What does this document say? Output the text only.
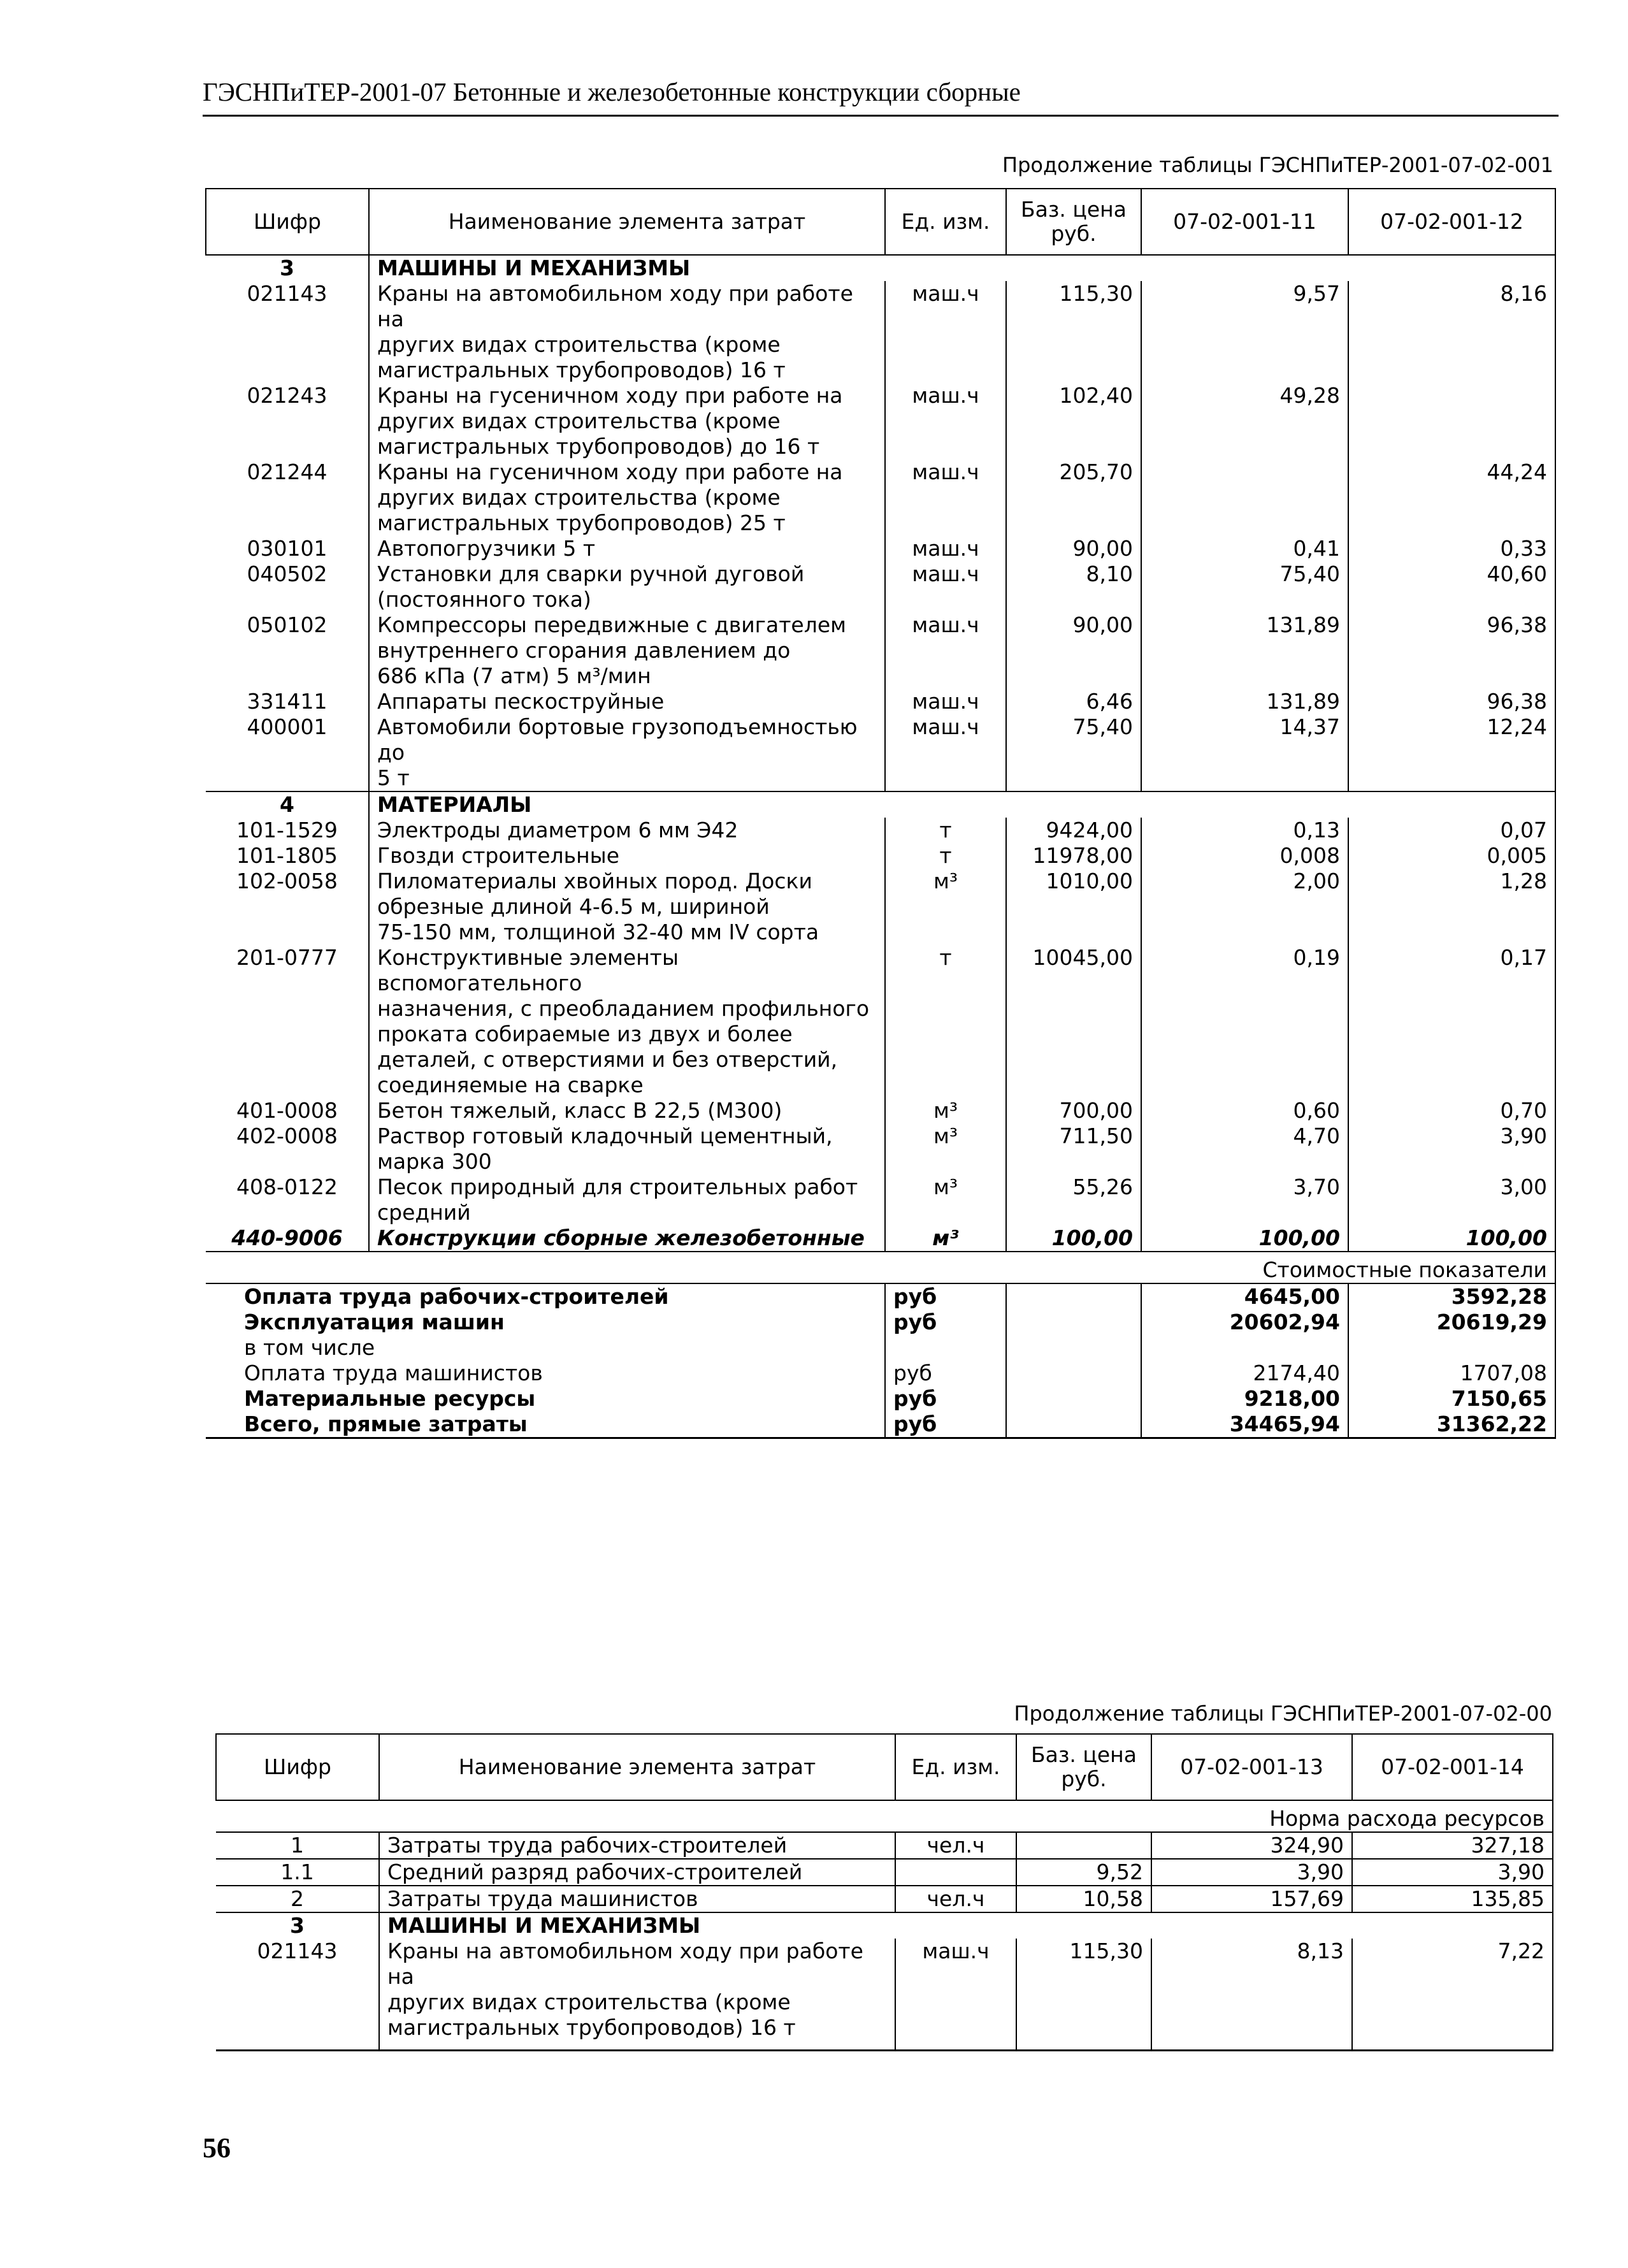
ГЭСНПиТЕР-2001-07 Бетонные и железобетонные конструкции сборные
Продолжение таблицы ГЭСНПиТЕР-2001-07-02-001
Шифр	Наименование элемента затрат	Ед. изм.	Баз. цена
руб.	07-02-001-11	07-02-001-12
3	МАШИНЫ И МЕХАНИЗМЫ				
021143	Краны на автомобильном ходу при работе на
других видах строительства (кроме
магистральных трубопроводов) 16 т	маш.ч	115,30	9,57	8,16
021243	Краны на гусеничном ходу при работе на
других видах строительства (кроме
магистральных трубопроводов) до 16 т	маш.ч	102,40	49,28	
021244	Краны на гусеничном ходу при работе на
других видах строительства (кроме
магистральных трубопроводов) 25 т	маш.ч	205,70		44,24
030101	Автопогрузчики 5 т	маш.ч	90,00	0,41	0,33
040502	Установки для сварки ручной дуговой
(постоянного тока)	маш.ч	8,10	75,40	40,60
050102	Компрессоры передвижные с двигателем
внутреннего сгорания давлением до
686 кПа (7 атм) 5 м³/мин	маш.ч	90,00	131,89	96,38
331411	Аппараты пескоструйные	маш.ч	6,46	131,89	96,38
400001	Автомобили бортовые грузоподъемностью до
5 т	маш.ч	75,40	14,37	12,24
4	МАТЕРИАЛЫ				
101-1529	Электроды диаметром 6 мм Э42	т	9424,00	0,13	0,07
101-1805	Гвозди строительные	т	11978,00	0,008	0,005
102-0058	Пиломатериалы хвойных пород. Доски
обрезные длиной 4-6.5 м, шириной
75-150 мм, толщиной 32-40 мм IV сорта	м³	1010,00	2,00	1,28
201-0777	Конструктивные элементы вспомогательного
назначения, с преобладанием профильного
проката собираемые из двух и более
деталей, с отверстиями и без отверстий,
соединяемые на сварке	т	10045,00	0,19	0,17
401-0008	Бетон тяжелый, класс В 22,5 (М300)	м³	700,00	0,60	0,70
402-0008	Раствор готовый кладочный цементный,
марка 300	м³	711,50	4,70	3,90
408-0122	Песок природный для строительных работ
средний	м³	55,26	3,70	3,00
440-9006	Конструкции сборные железобетонные	м³	100,00	100,00	100,00
Стоимостные показатели					
Оплата труда рабочих-строителей		руб		4645,00	3592,28
Эксплуатация машин		руб		20602,94	20619,29
в том числе					
Оплата труда машинистов		руб		2174,40	1707,08
Материальные ресурсы		руб		9218,00	7150,65
Всего, прямые затраты		руб		34465,94	31362,22
Продолжение таблицы ГЭСНПиТЕР-2001-07-02-00
Шифр	Наименование элемента затрат	Ед. изм.	Баз. цена
руб.	07-02-001-13	07-02-001-14
Норма расхода ресурсов					
1	Затраты труда рабочих-строителей	чел.ч		324,90	327,18
1.1	Средний разряд рабочих-строителей		9,52	3,90	3,90
2	Затраты труда машинистов	чел.ч	10,58	157,69	135,85
3	МАШИНЫ И МЕХАНИЗМЫ				
021143	Краны на автомобильном ходу при работе на
других видах строительства (кроме
магистральных трубопроводов) 16 т	маш.ч	115,30	8,13	7,22
56
